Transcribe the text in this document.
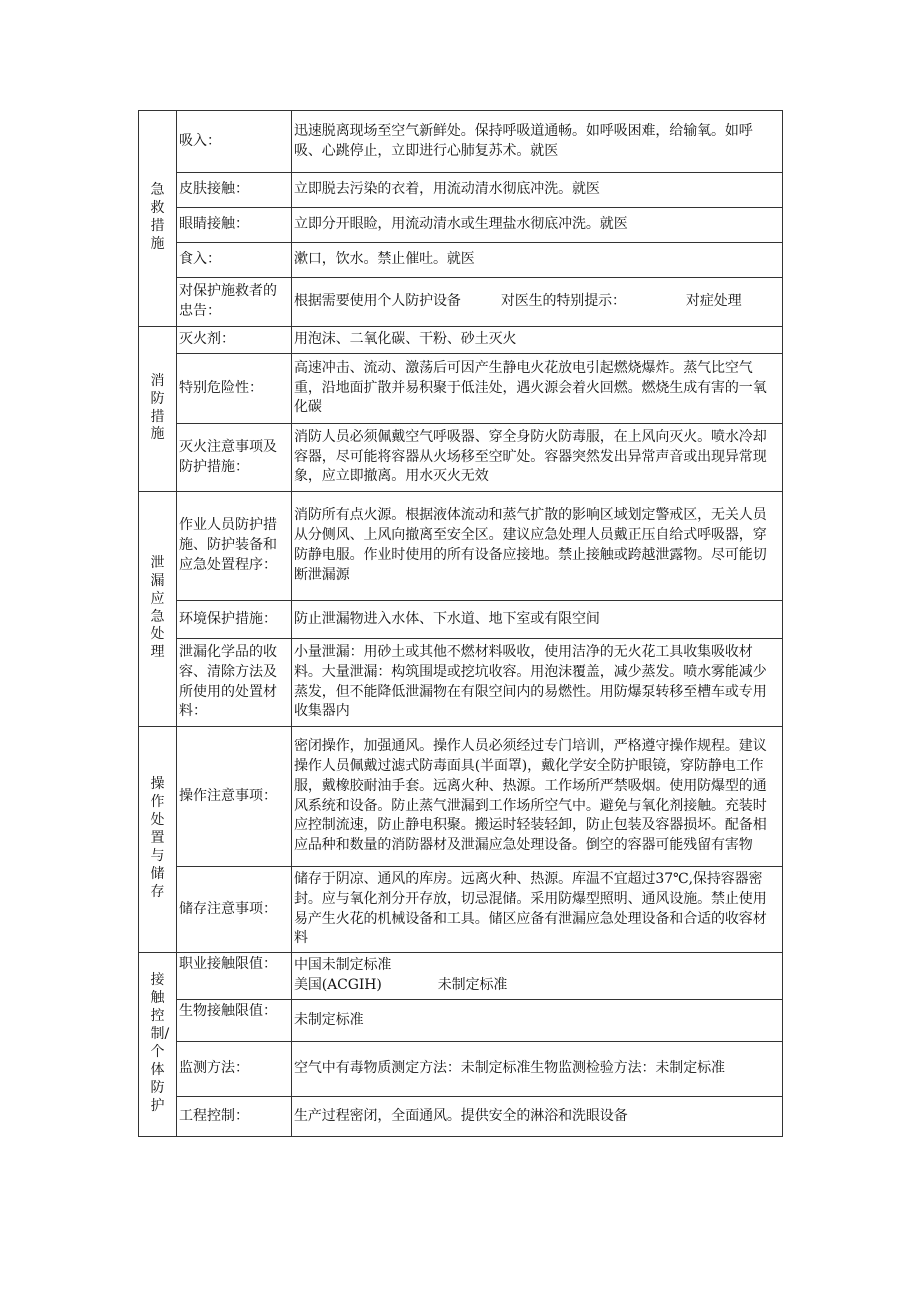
急救措施	吸入：	迅速脱离现场至空气新鲜处。保持呼吸道通畅。如呼吸困难，给输氧。如呼吸、心跳停止，立即进行心肺复苏术。就医
	皮肤接触：	立即脱去污染的衣着，用流动清水彻底冲洗。就医
	眼睛接触：	立即分开眼睑，用流动清水或生理盐水彻底冲洗。就医
	食入：	漱口，饮水。禁止催吐。就医
	对保护施救者的忠告：	根据需要使用个人防护设备 对医生的特别提示： 对症处理
消防措施	灭火剂：	用泡沫、二氧化碳、干粉、砂土灭火
	特别危险性：	高速冲击、流动、激荡后可因产生静电火花放电引起燃烧爆炸。蒸气比空气重，沿地面扩散并易积聚于低洼处，遇火源会着火回燃。燃烧生成有害的一氧化碳
	灭火注意事项及防护措施：	消防人员必须佩戴空气呼吸器、穿全身防火防毒服，在上风向灭火。喷水冷却容器，尽可能将容器从火场移至空旷处。容器突然发出异常声音或出现异常现象，应立即撤离。用水灭火无效
泄漏应急处理	作业人员防护措施、防护装备和应急处置程序：	消防所有点火源。根据液体流动和蒸气扩散的影响区域划定警戒区，无关人员从分侧风、上风向撤离至安全区。建议应急处理人员戴正压自给式呼吸器，穿防静电服。作业时使用的所有设备应接地。禁止接触或跨越泄露物。尽可能切断泄漏源
	环境保护措施：	防止泄漏物进入水体、下水道、地下室或有限空间
	泄漏化学品的收容、清除方法及所使用的处置材料：	小量泄漏：用砂土或其他不燃材料吸收，使用洁净的无火花工具收集吸收材料。大量泄漏：构筑围堤或挖坑收容。用泡沫覆盖，减少蒸发。喷水雾能减少蒸发，但不能降低泄漏物在有限空间内的易燃性。用防爆泵转移至槽车或专用收集器内
操作处置与储存	操作注意事项：	密闭操作，加强通风。操作人员必须经过专门培训，严格遵守操作规程。建议操作人员佩戴过滤式防毒面具(半面罩)，戴化学安全防护眼镜，穿防静电工作服，戴橡胶耐油手套。远离火种、热源。工作场所严禁吸烟。使用防爆型的通风系统和设备。防止蒸气泄漏到工作场所空气中。避免与氧化剂接触。充装时应控制流速，防止静电积聚。搬运时轻装轻卸，防止包装及容器损坏。配备相应品种和数量的消防器材及泄漏应急处理设备。倒空的容器可能残留有害物
	储存注意事项：	储存于阴凉、通风的库房。远离火种、热源。库温不宜超过37℃,保持容器密封。应与氧化剂分开存放，切忌混储。采用防爆型照明、通风设施。禁止使用易产生火花的机械设备和工具。储区应备有泄漏应急处理设备和合适的收容材料
接触控制/个体防护	职业接触限值：	中国未制定标准
美国(ACGIH) 未制定标准
	生物接触限值：	未制定标准
	监测方法：	空气中有毒物质测定方法：未制定标准生物监测检验方法：未制定标准
	工程控制：	生产过程密闭，全面通风。提供安全的淋浴和洗眼设备
